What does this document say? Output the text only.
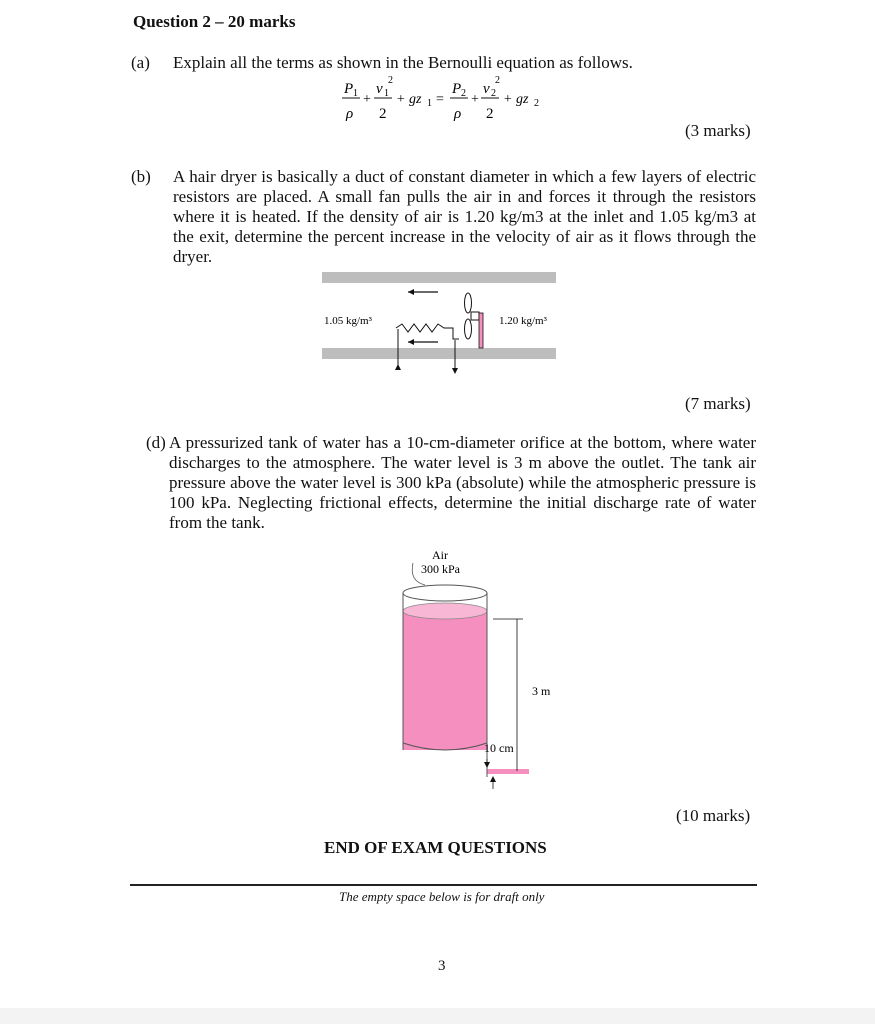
Question 2 – 20 marks
(a) Explain all the terms as shown in the Bernoulli equation as follows.
P 1
ρ
+
2
v 1
2
+ gz 1 =
P 2
ρ
+
2
v 2
2
+ gz 2
(3 marks)
(b) A hair dryer is basically a duct of constant diameter in which a few layers of electric resistors are placed. A small fan pulls the air in and forces it through the resistors where it is heated. If the density of air is 1.20 kg/m3 at the inlet and 1.05 kg/m3 at the exit, determine the percent increase in the velocity of air as it flows through the dryer.
1.05 kg/m³	1.20 kg/m³
(7 marks)
(d) A pressurized tank of water has a 10-cm-diameter orifice at the bottom, where water discharges to the atmosphere. The water level is 3 m above the outlet. The tank air pressure above the water level is 300 kPa (absolute) while the atmospheric pressure is 100 kPa. Neglecting frictional effects, determine the initial discharge rate of water from the tank.
Air
300 kPa
3 m
10 cm
(10 marks)
END OF EXAM QUESTIONS
The empty space below is for draft only
3
